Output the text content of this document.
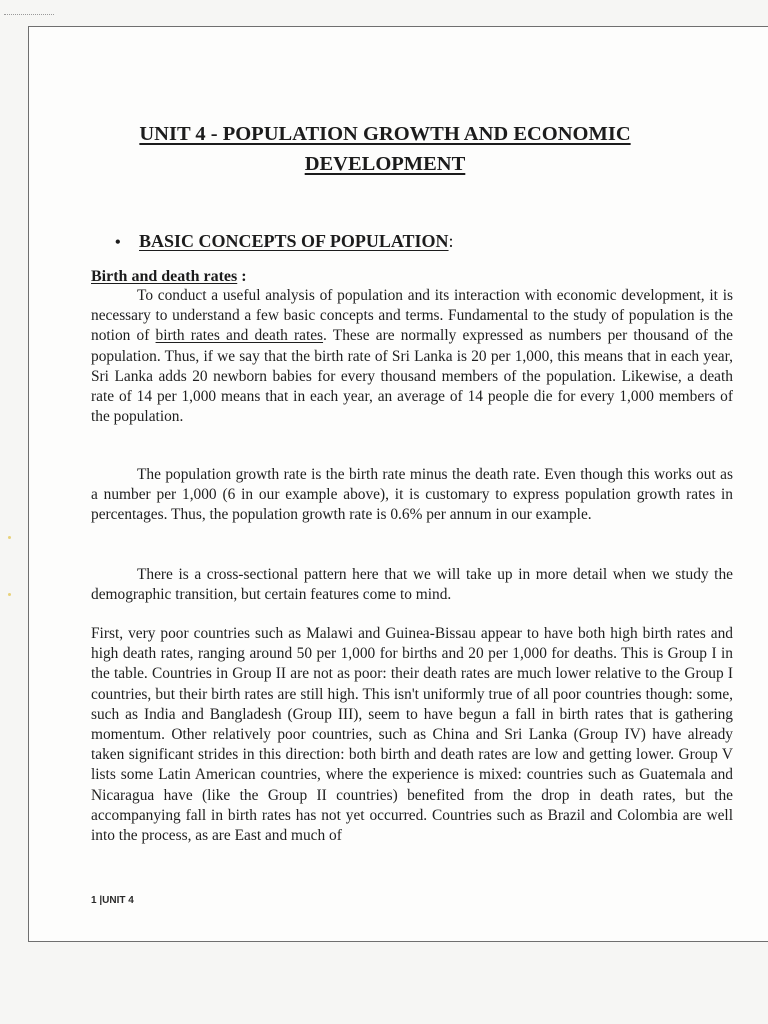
UNIT 4 - POPULATION GROWTH AND ECONOMIC
DEVELOPMENT
• BASIC CONCEPTS OF POPULATION:
Birth and death rates :

To conduct a useful analysis of population and its interaction with economic development, it is necessary to understand a few basic concepts and terms. Fundamental to the study of population is the notion of birth rates and death rates. These are normally expressed as numbers per thousand of the population. Thus, if we say that the birth rate of Sri Lanka is 20 per 1,000, this means that in each year, Sri Lanka adds 20 newborn babies for every thousand members of the population. Likewise, a death rate of 14 per 1,000 means that in each year, an average of 14 people die for every 1,000 members of the population.

The population growth rate is the birth rate minus the death rate. Even though this works out as a number per 1,000 (6 in our example above), it is customary to express population growth rates in percentages. Thus, the population growth rate is 0.6% per annum in our example.

There is a cross-sectional pattern here that we will take up in more detail when we study the demographic transition, but certain features come to mind.

First, very poor countries such as Malawi and Guinea-Bissau appear to have both high birth rates and high death rates, ranging around 50 per 1,000 for births and 20 per 1,000 for deaths. This is Group I in the table. Countries in Group II are not as poor: their death rates are much lower relative to the Group I countries, but their birth rates are still high. This isn't uniformly true of all poor countries though: some, such as India and Bangladesh (Group III), seem to have begun a fall in birth rates that is gathering momentum. Other relatively poor countries, such as China and Sri Lanka (Group IV) have already taken significant strides in this direction: both birth and death rates are low and getting lower. Group V lists some Latin American countries, where the experience is mixed: countries such as Guatemala and Nicaragua have (like the Group II countries) benefited from the drop in death rates, but the accompanying fall in birth rates has not yet occurred. Countries such as Brazil and Colombia are well into the process, as are East and much of

1 |UNIT 4
